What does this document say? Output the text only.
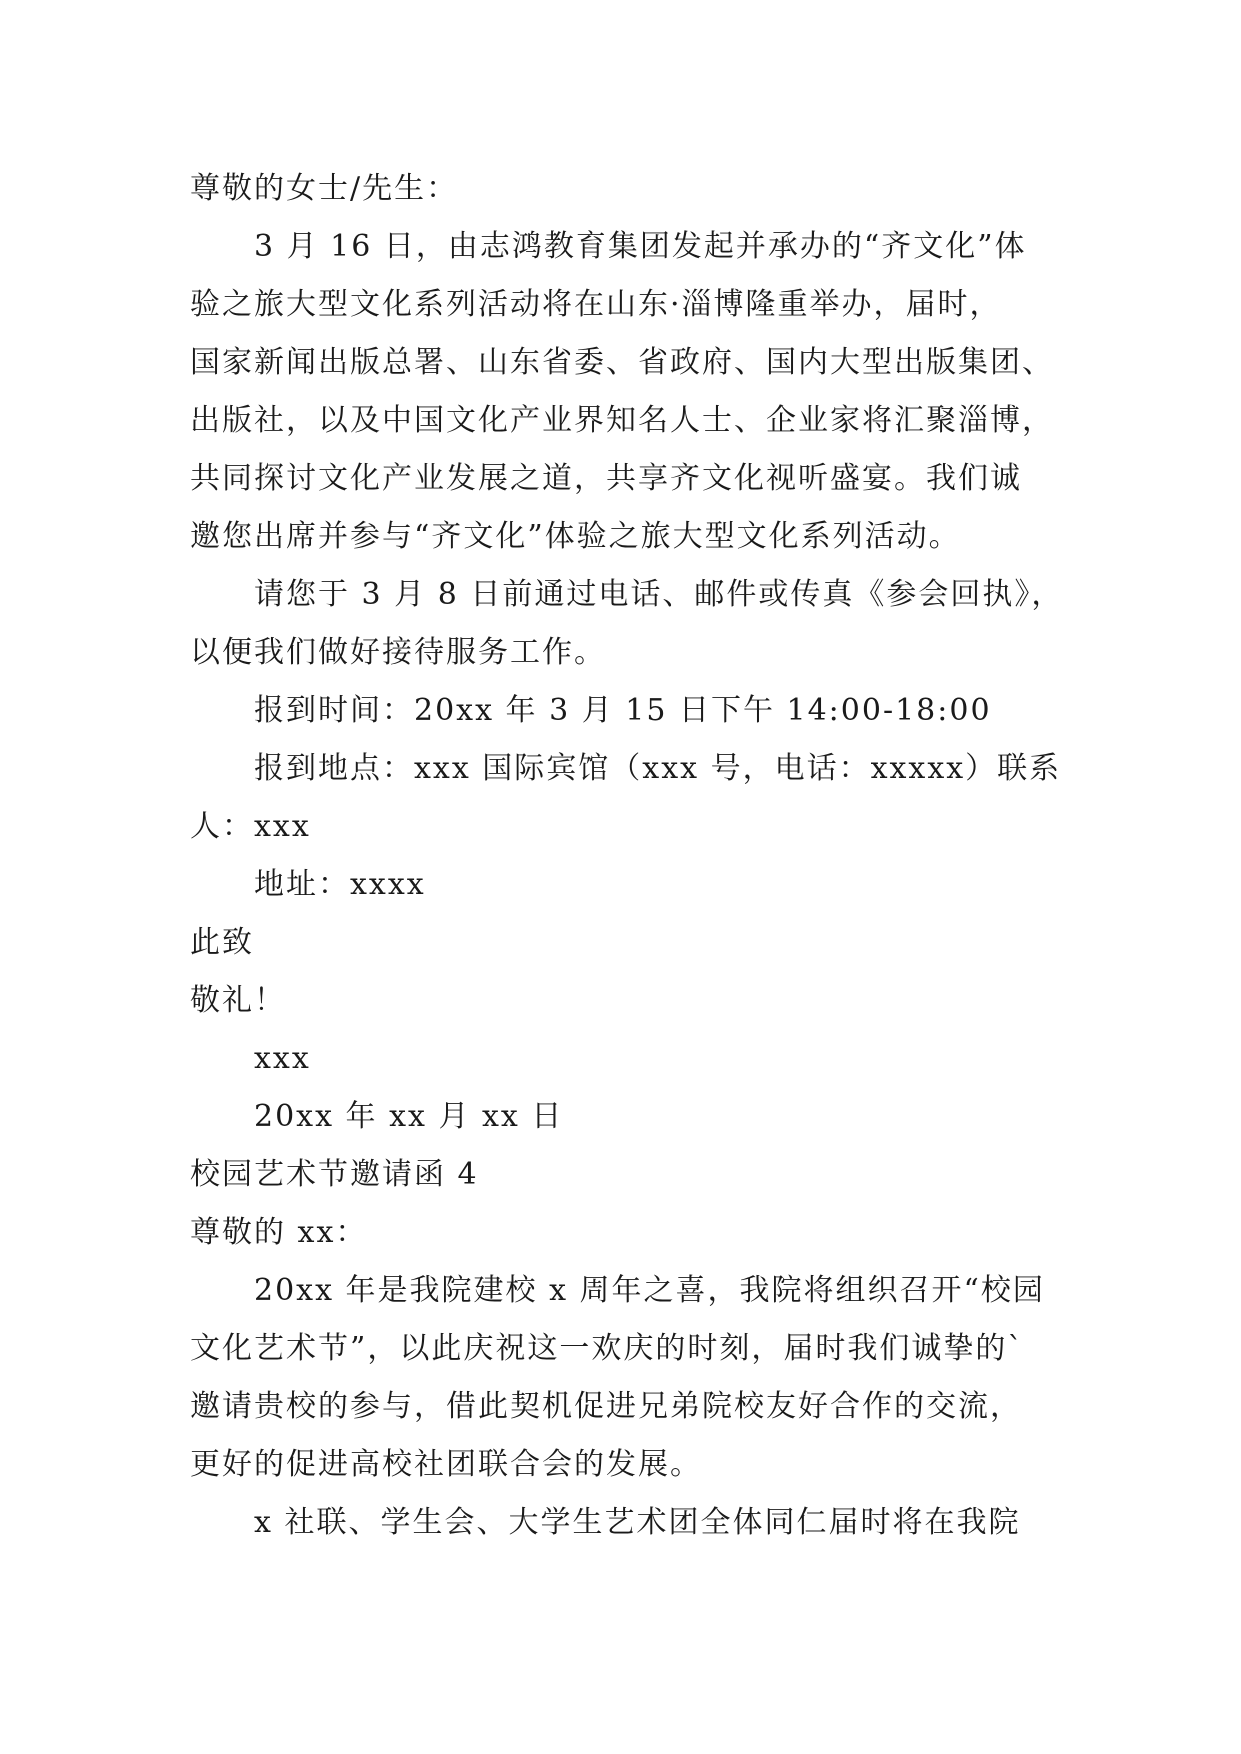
尊敬的女士/先生：
3 月 16 日，由志鸿教育集团发起并承办的“齐文化”体
验之旅大型文化系列活动将在山东·淄博隆重举办，届时，
国家新闻出版总署、山东省委、省政府、国内大型出版集团、
出版社，以及中国文化产业界知名人士、企业家将汇聚淄博，
共同探讨文化产业发展之道，共享齐文化视听盛宴。我们诚
邀您出席并参与“齐文化”体验之旅大型文化系列活动。
请您于 3 月 8 日前通过电话、邮件或传真《参会回执》，
以便我们做好接待服务工作。
报到时间：20xx 年 3 月 15 日下午 14:00-18:00
报到地点：xxx 国际宾馆（xxx 号，电话：xxxxx）联系
人：xxx
地址：xxxx
此致
敬礼！
xxx
20xx 年 xx 月 xx 日
校园艺术节邀请函 4
尊敬的 xx：
20xx 年是我院建校 x 周年之喜，我院将组织召开“校园
文化艺术节”，以此庆祝这一欢庆的时刻，届时我们诚挚的`
邀请贵校的参与，借此契机促进兄弟院校友好合作的交流，
更好的促进高校社团联合会的发展。
x 社联、学生会、大学生艺术团全体同仁届时将在我院
